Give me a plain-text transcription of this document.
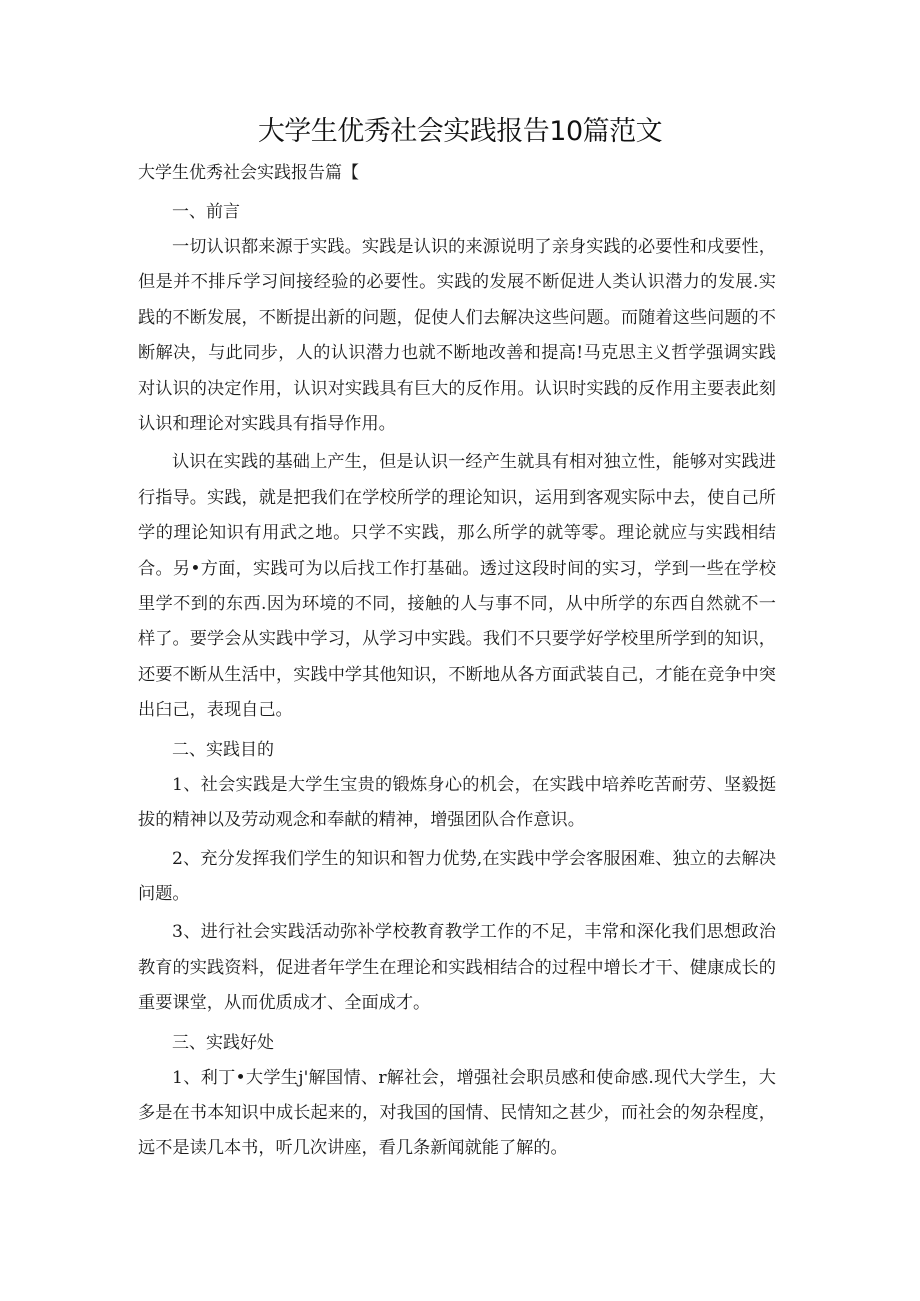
大学生优秀社会实践报告10篇范文
大学生优秀社会实践报告篇【

一、前言

一切认识都来源于实践。实践是认识的来源说明了亲身实践的必要性和戌要性，但是并不排斥学习间接经验的必要性。实践的发展不断促进人类认识潜力的发展.实践的不断发展，不断提出新的问题，促使人们去解决这些问题。而随着这些问题的不断解决，与此同步，人的认识潜力也就不断地改善和提高!马克思主义哲学强调实践对认识的决定作用，认识对实践具有巨大的反作用。认识时实践的反作用主要表此刻认识和理论对实践具有指导作用。

认识在实践的基础上产生，但是认识一经产生就具有相对独立性，能够对实践进行指导。实践，就是把我们在学校所学的理论知识，运用到客观实际中去，使自己所学的理论知识有用武之地。只学不实践，那么所学的就等零。理论就应与实践相结合。另•方面，实践可为以后找工作打基础。透过这段时间的实习，学到一些在学校里学不到的东西.因为环境的不同，接触的人与事不同，从中所学的东西自然就不一样了。要学会从实践中学习，从学习中实践。我们不只要学好学校里所学到的知识，还要不断从生活中，实践中学其他知识，不断地从各方面武装自己，才能在竞争中突出臼己，表现自己。

二、实践目的

1、社会实践是大学生宝贵的锻炼身心的机会，在实践中培养吃苦耐劳、坚毅挺拔的精神以及劳动观念和奉献的精神，增强团队合作意识。

2、充分发挥我们学生的知识和智力优势,在实践中学会客服困难、独立的去解决问题。

3、进行社会实践活动弥补学校教育教学工作的不足，丰常和深化我们思想政治教育的实践资料，促进者年学生在理论和实践相结合的过程中增长才干、健康成长的重要课堂，从而优质成才、全面成才。

三、实践好处

1、利丁•大学生j'解国情、r解社会，增强社会职员感和使命感.现代大学生，大多是在书本知识中成长起来的，对我国的国情、民情知之甚少，而社会的匆杂程度，远不是读几本书，听几次讲座，看几条新闻就能了解的。
